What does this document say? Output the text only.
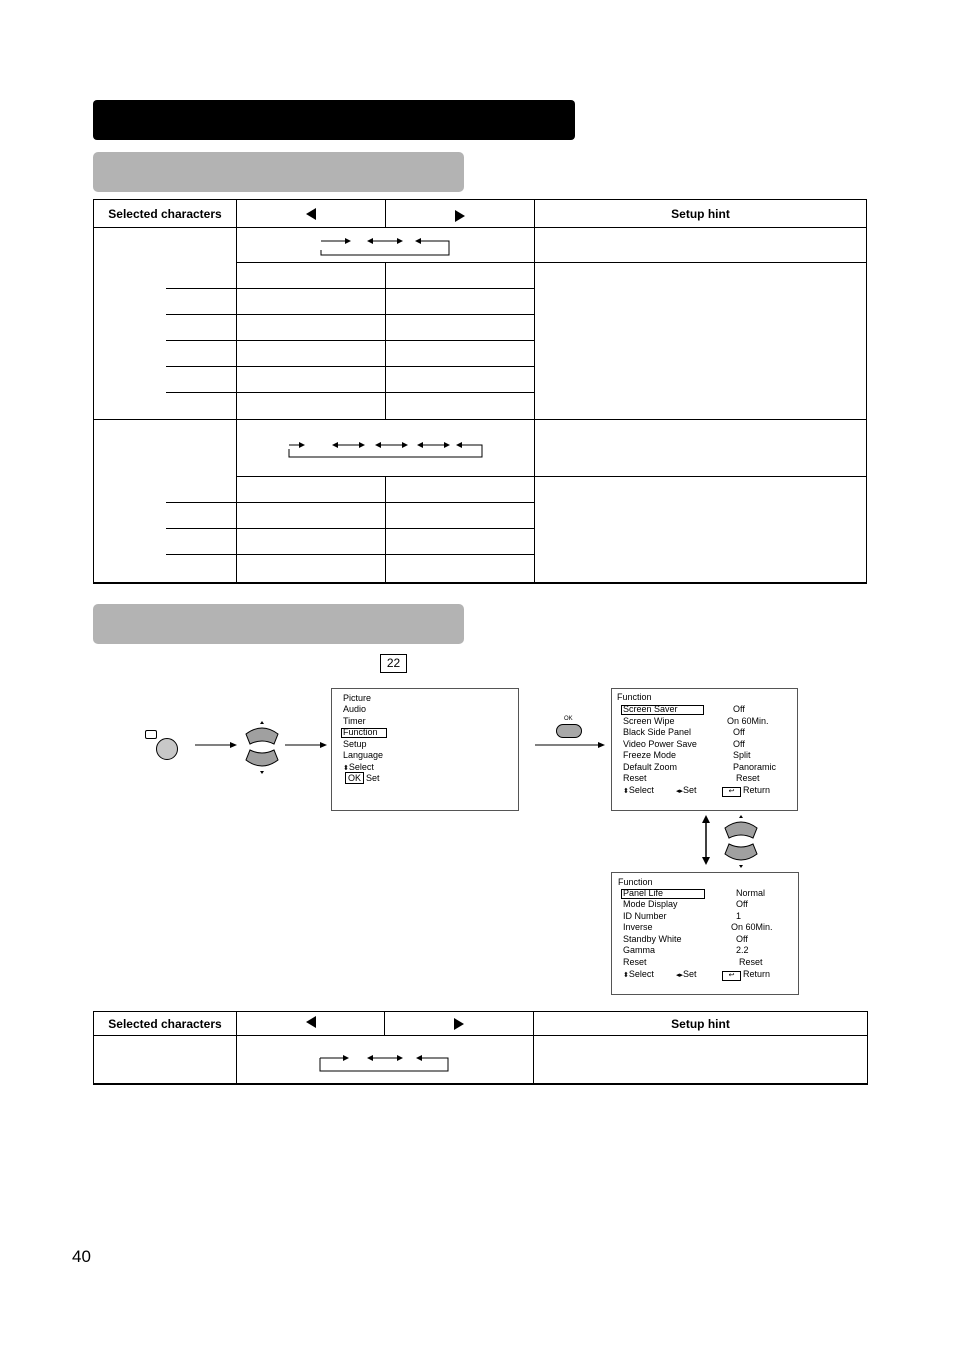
Selected characters	Setup hint
22
OK
Picture
Audio
Timer
Function
Setup
Language
⬍Select
OK Set
Function
Screen Saver	Off
Screen Wipe	On 60Min.
Black Side Panel	Off
Video Power Save	Off
Freeze Mode	Split
Default Zoom	Panoramic
Reset	Reset
⬍Select	◂▸Set	↩ Return
Function
Panel Life	Normal
Mode Display	Off
ID Number	1
Inverse	On 60Min.
Standby White	Off
Gamma	2.2
Reset	Reset
⬍Select	◂▸Set	↩ Return
Selected characters	Setup hint
40
